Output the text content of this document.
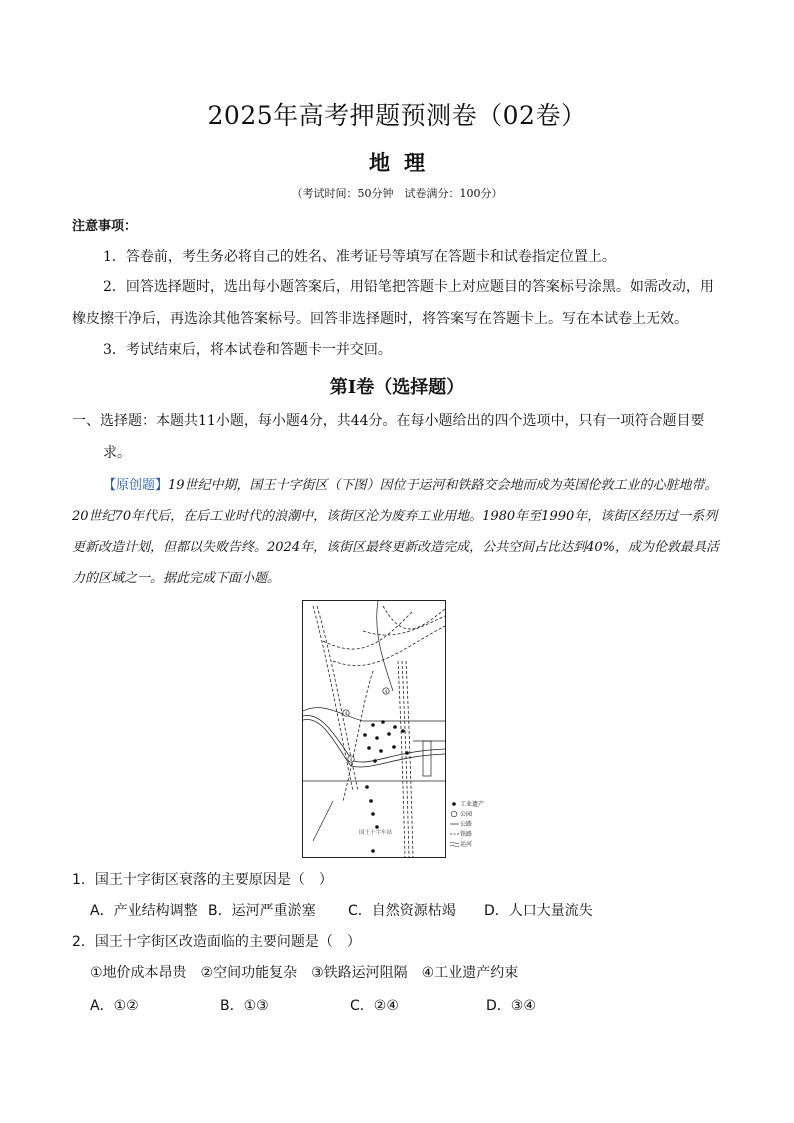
2025年高考押题预测卷（02卷）
地理
（考试时间：50分钟　试卷满分：100分）
注意事项：
1．答卷前，考生务必将自己的姓名、准考证号等填写在答题卡和试卷指定位置上。
2．回答选择题时，选出每小题答案后，用铅笔把答题卡上对应题目的答案标号涂黑。如需改动，用橡皮擦干净后，再选涂其他答案标号。回答非选择题时，将答案写在答题卡上。写在本试卷上无效。
3．考试结束后，将本试卷和答题卡一并交回。
第Ⅰ卷（选择题）
一、选择题：本题共11小题，每小题4分，共44分。在每小题给出的四个选项中，只有一项符合题目要求。
【原创题】19世纪中期，国王十字街区（下图）因位于运河和铁路交会地而成为英国伦敦工业的心脏地带。20世纪70年代后，在后工业时代的浪潮中，该街区沦为废弃工业用地。1980年至1990年，该街区经历过一系列更新改造计划，但都以失败告终。2024年，该街区最终更新改造完成，公共空间占比达到40%，成为伦敦最具活力的区域之一。据此完成下面小题。
4
4
4
国王十字车站
工业遗产
公园
公路
铁路
运河
1．国王十字街区衰落的主要原因是（　）
A．产业结构调整 B．运河严重淤塞 C．自然资源枯竭 D．人口大量流失
2．国王十字街区改造面临的主要问题是（　）
①地价成本昂贵　②空间功能复杂　③铁路运河阻隔　④工业遗产约束
A．①②	B．①③	C．②④	D．③④
